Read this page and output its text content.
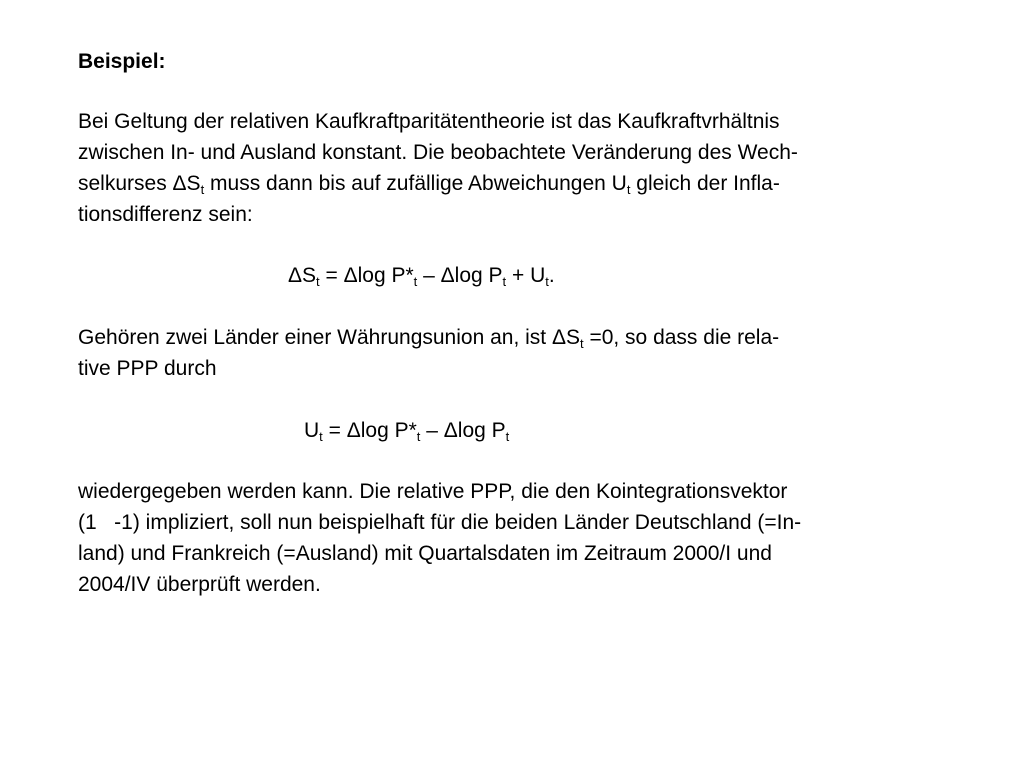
Beispiel:

Bei Geltung der relativen Kaufkraftparitätentheorie ist das Kaufkraftvrhältnis
zwischen In- und Ausland konstant. Die beobachtete Veränderung des Wech-
selkurses $\Delta S_t$ muss dann bis auf zufällige Abweichungen $U_t$ gleich der Infla-
tionsdifferenz sein:

$\Delta S_t = \Delta\log$ $P*_t$ – Δlog $P_t + U_t$.

Gehören zwei Länder einer Währungsunion an, ist $\Delta S_t =0$, so dass die rela-
tive PPP durch

$U_t = \Delta\log$ $P*_t$ – Δlog $P_t$

wiedergegeben werden kann. Die relative PPP, die den Kointegrationsvektor
(1   -1) impliziert, soll nun beispielhaft für die beiden Länder Deutschland (=In-
land) und Frankreich (=Ausland) mit Quartalsdaten im Zeitraum 2000/I und
2004/IV überprüft werden.
